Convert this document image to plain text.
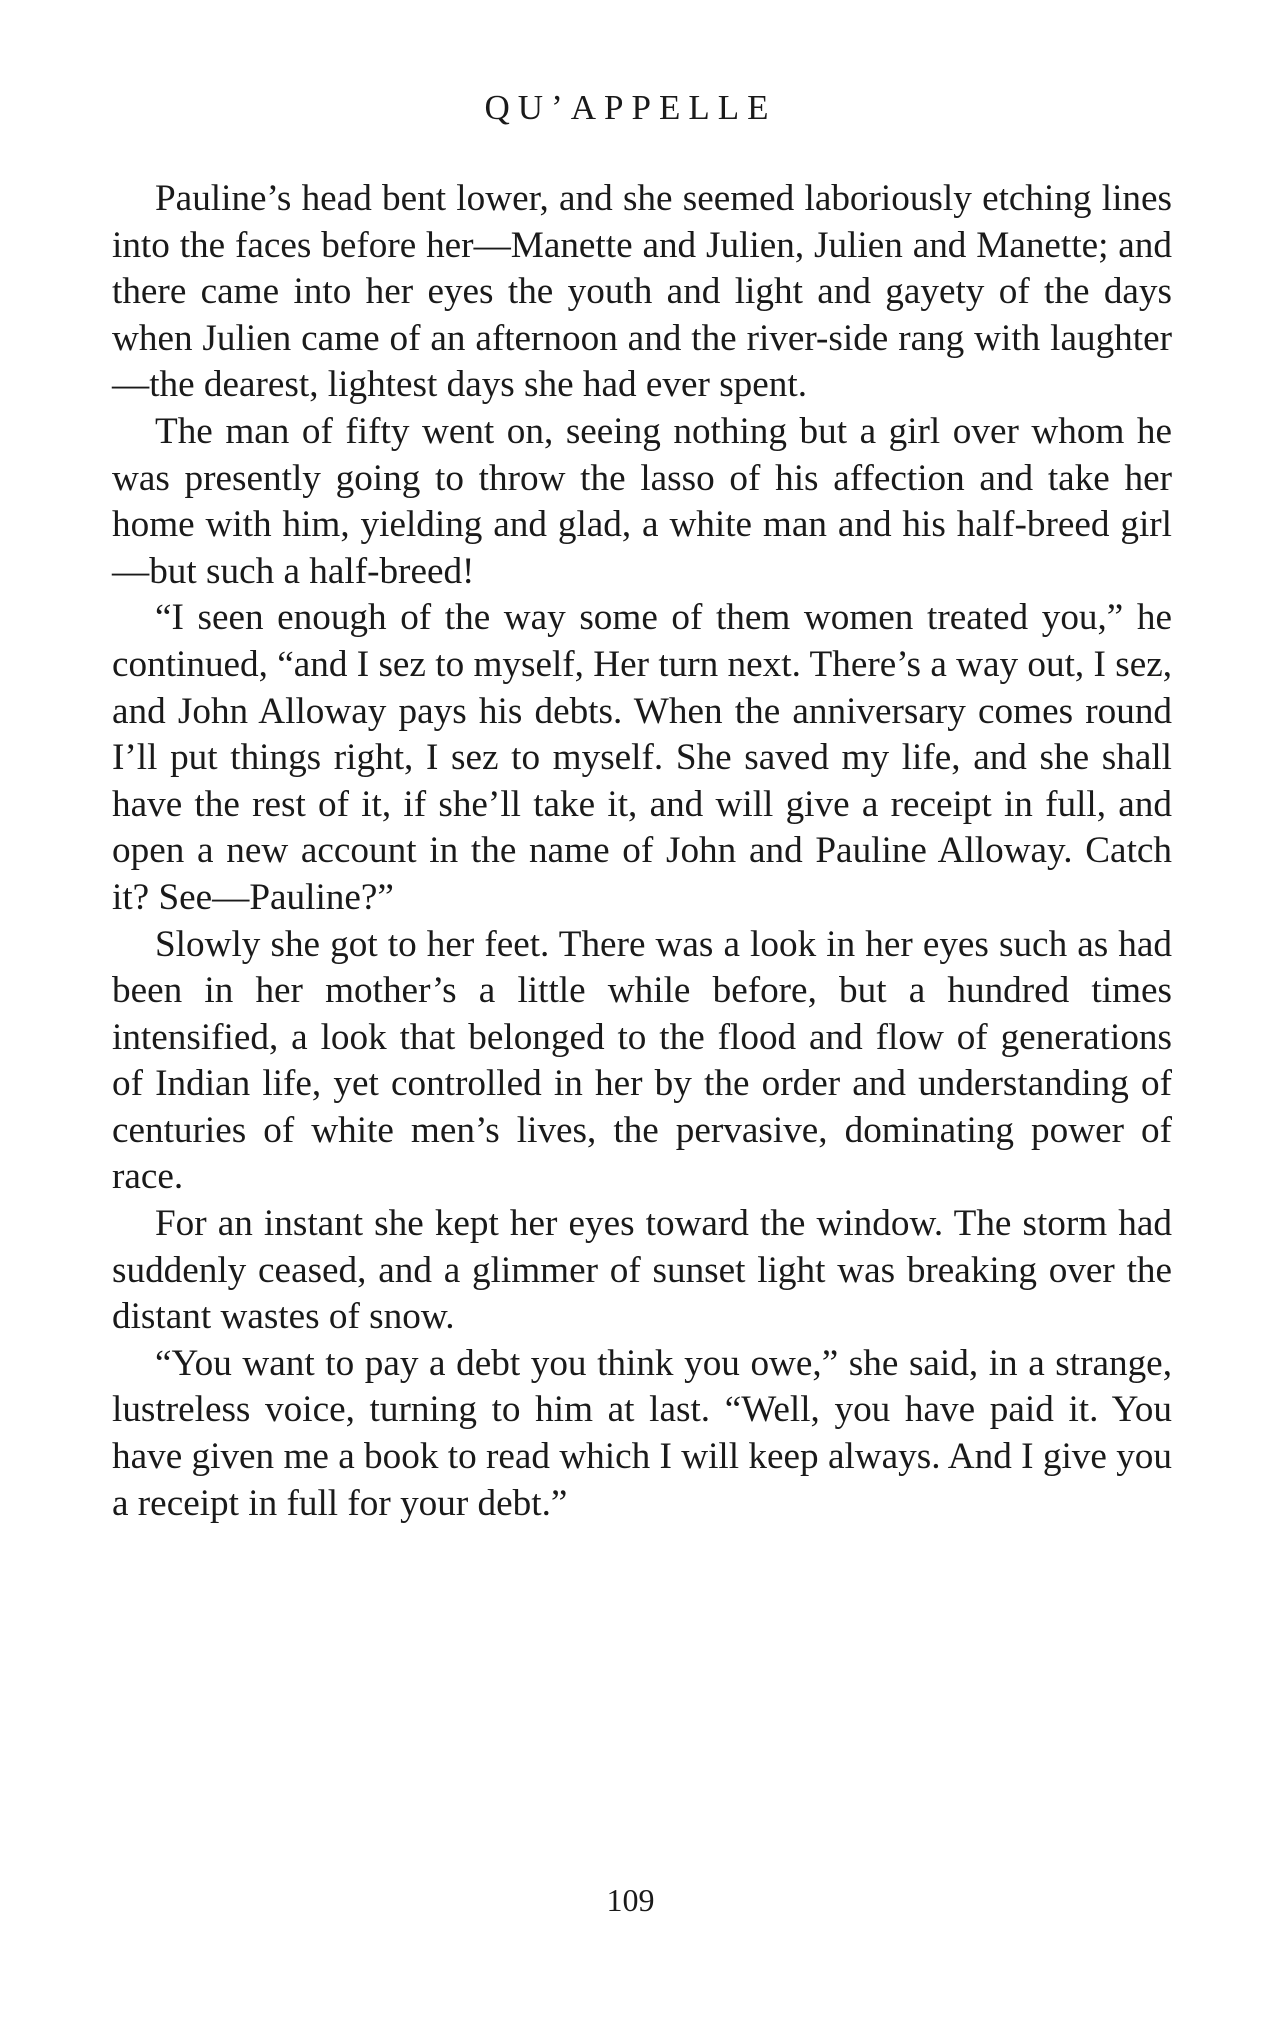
QU’APPELLE

Pauline’s head bent lower, and she seemed laboriously etching lines into the faces before her—Manette and Julien, Julien and Manette; and there came into her eyes the youth and light and gayety of the days when Julien came of an afternoon and the river-side rang with laughter—the dearest, lightest days she had ever spent.

The man of fifty went on, seeing nothing but a girl over whom he was presently going to throw the lasso of his affection and take her home with him, yielding and glad, a white man and his half-breed girl—but such a half-breed!

“I seen enough of the way some of them women treated you,” he continued, “and I sez to myself, Her turn next. There’s a way out, I sez, and John Alloway pays his debts. When the anniversary comes round I’ll put things right, I sez to myself. She saved my life, and she shall have the rest of it, if she’ll take it, and will give a receipt in full, and open a new account in the name of John and Pauline Alloway. Catch it? See—Pauline?”

Slowly she got to her feet. There was a look in her eyes such as had been in her mother’s a little while before, but a hundred times intensified, a look that belonged to the flood and flow of generations of Indian life, yet controlled in her by the order and understanding of centuries of white men’s lives, the pervasive, dominating power of race.

For an instant she kept her eyes toward the window. The storm had suddenly ceased, and a glimmer of sunset light was breaking over the distant wastes of snow.

“You want to pay a debt you think you owe,” she said, in a strange, lustreless voice, turning to him at last. “Well, you have paid it. You have given me a book to read which I will keep always. And I give you a receipt in full for your debt.”

109
